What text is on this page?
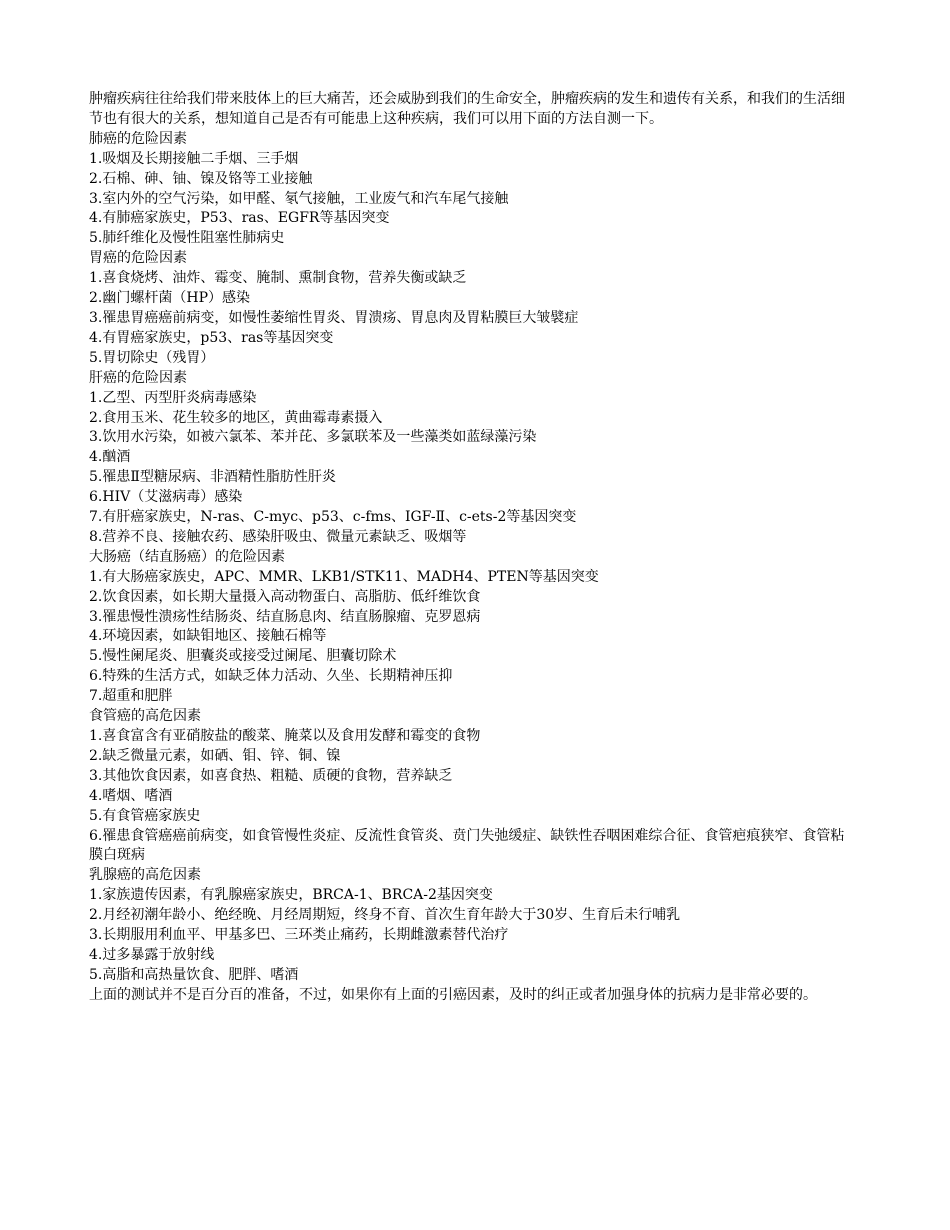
肿瘤疾病往往给我们带来肢体上的巨大痛苦，还会威胁到我们的生命安全，肿瘤疾病的发生和遗传有关系，和我们的生活细节也有很大的关系，想知道自己是否有可能患上这种疾病，我们可以用下面的方法自测一下。
肺癌的危险因素
1.吸烟及长期接触二手烟、三手烟
2.石棉、砷、铀、镍及铬等工业接触
3.室内外的空气污染，如甲醛、氡气接触，工业废气和汽车尾气接触
4.有肺癌家族史，P53、ras、EGFR等基因突变
5.肺纤维化及慢性阻塞性肺病史
胃癌的危险因素
1.喜食烧烤、油炸、霉变、腌制、熏制食物，营养失衡或缺乏
2.幽门螺杆菌（HP）感染
3.罹患胃癌癌前病变，如慢性萎缩性胃炎、胃溃疡、胃息肉及胃粘膜巨大皱襞症
4.有胃癌家族史，p53、ras等基因突变
5.胃切除史（残胃）
肝癌的危险因素
1.乙型、丙型肝炎病毒感染
2.食用玉米、花生较多的地区，黄曲霉毒素摄入
3.饮用水污染，如被六氯苯、苯并芘、多氯联苯及一些藻类如蓝绿藻污染
4.酗酒
5.罹患Ⅱ型糖尿病、非酒精性脂肪性肝炎
6.HIV（艾滋病毒）感染
7.有肝癌家族史，N-ras、C-myc、p53、c-fms、IGF-Ⅱ、c-ets-2等基因突变
8.营养不良、接触农药、感染肝吸虫、微量元素缺乏、吸烟等
大肠癌（结直肠癌）的危险因素
1.有大肠癌家族史，APC、MMR、LKB1/STK11、MADH4、PTEN等基因突变
2.饮食因素，如长期大量摄入高动物蛋白、高脂肪、低纤维饮食
3.罹患慢性溃疡性结肠炎、结直肠息肉、结直肠腺瘤、克罗恩病
4.环境因素，如缺钼地区、接触石棉等
5.慢性阑尾炎、胆囊炎或接受过阑尾、胆囊切除术
6.特殊的生活方式，如缺乏体力活动、久坐、长期精神压抑
7.超重和肥胖
食管癌的高危因素
1.喜食富含有亚硝胺盐的酸菜、腌菜以及食用发酵和霉变的食物
2.缺乏微量元素，如硒、钼、锌、铜、镍
3.其他饮食因素，如喜食热、粗糙、质硬的食物，营养缺乏
4.嗜烟、嗜酒
5.有食管癌家族史
6.罹患食管癌癌前病变，如食管慢性炎症、反流性食管炎、贲门失弛缓症、缺铁性吞咽困难综合征、食管疤痕狭窄、食管粘膜白斑病
乳腺癌的高危因素
1.家族遗传因素，有乳腺癌家族史，BRCA-1、BRCA-2基因突变
2.月经初潮年龄小、绝经晚、月经周期短，终身不育、首次生育年龄大于30岁、生育后未行哺乳
3.长期服用利血平、甲基多巴、三环类止痛药，长期雌激素替代治疗
4.过多暴露于放射线
5.高脂和高热量饮食、肥胖、嗜酒
上面的测试并不是百分百的准备，不过，如果你有上面的引癌因素，及时的纠正或者加强身体的抗病力是非常必要的。
